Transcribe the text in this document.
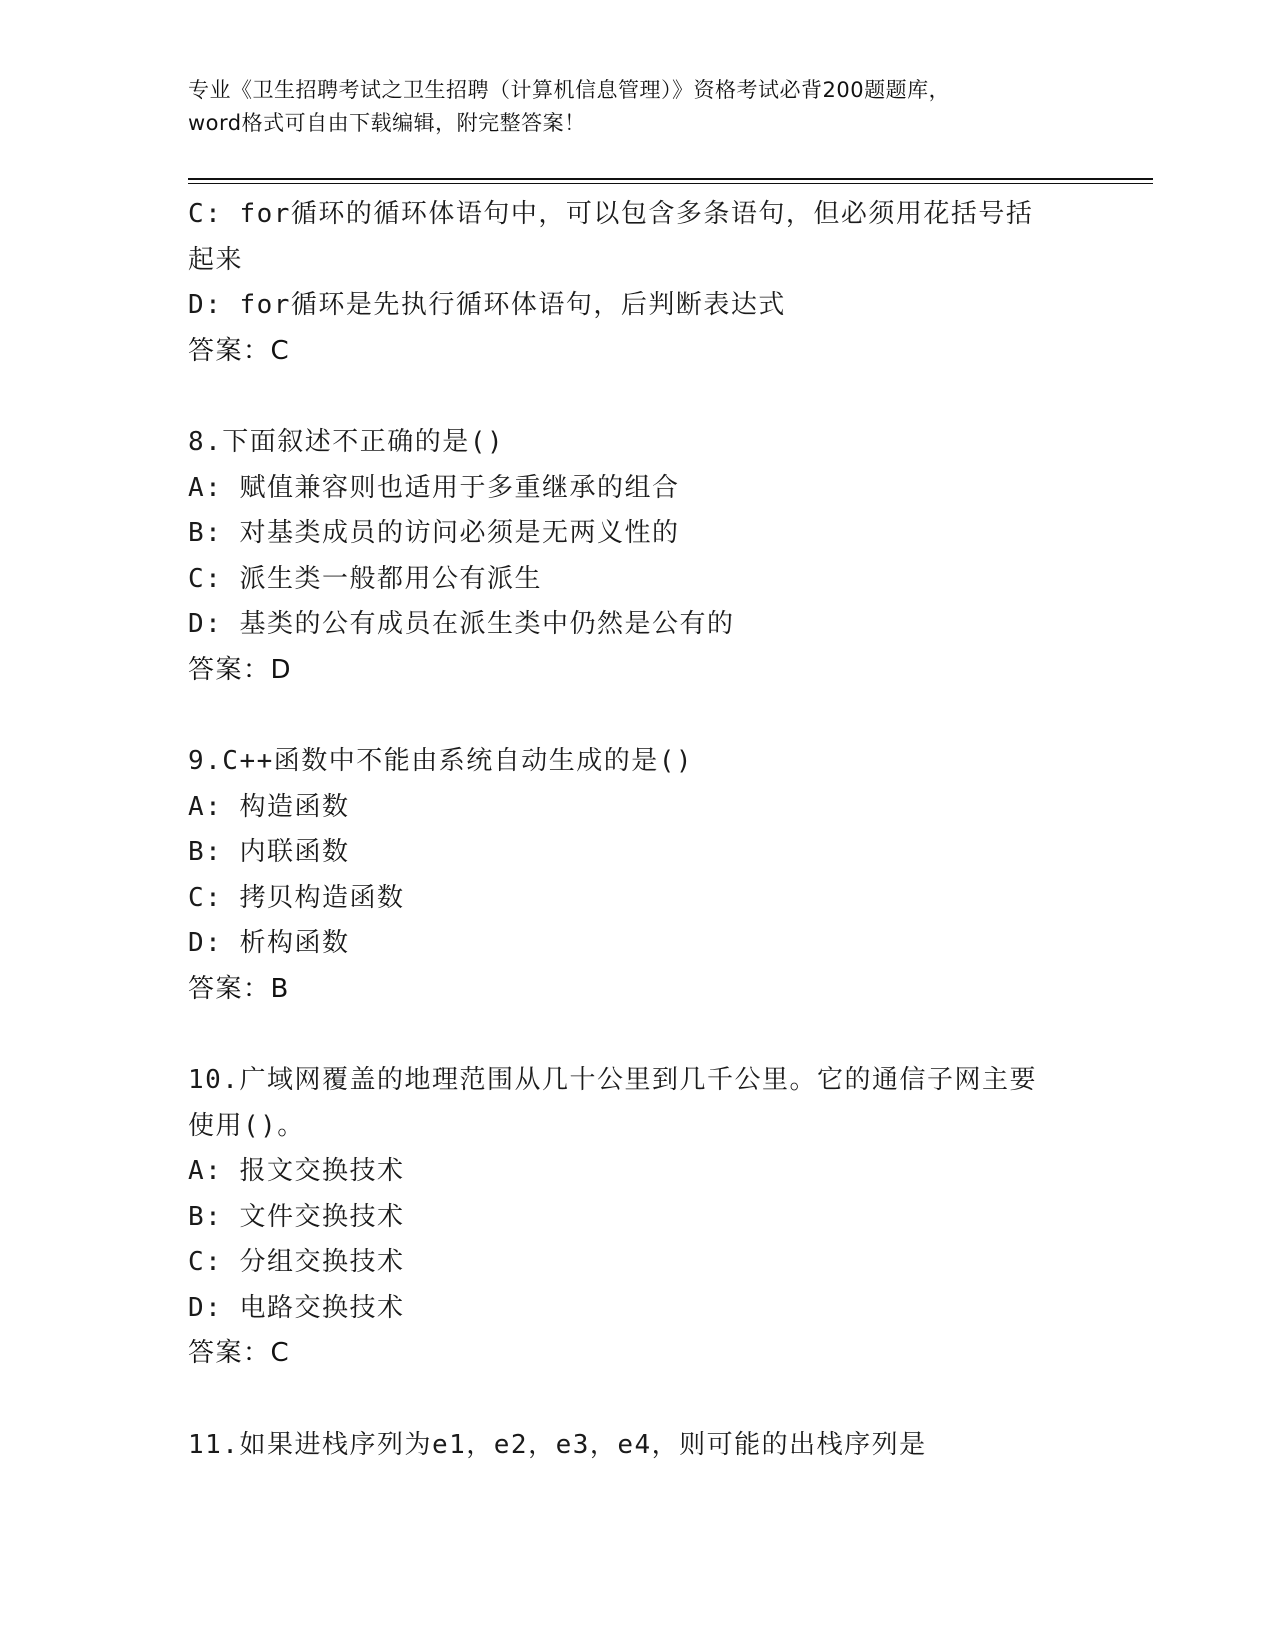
专业《卫生招聘考试之卫生招聘（计算机信息管理）》资格考试必背200题题库，
word格式可自由下载编辑，附完整答案！
C: for循环的循环体语句中，可以包含多条语句，但必须用花括号括
起来
D: for循环是先执行循环体语句，后判断表达式
答案：C
8.下面叙述不正确的是()
A: 赋值兼容则也适用于多重继承的组合
B: 对基类成员的访问必须是无两义性的
C: 派生类一般都用公有派生
D: 基类的公有成员在派生类中仍然是公有的
答案：D
9.C++函数中不能由系统自动生成的是()
A: 构造函数
B: 内联函数
C: 拷贝构造函数
D: 析构函数
答案：B
10.广域网覆盖的地理范围从几十公里到几千公里。它的通信子网主要
使用()。
A: 报文交换技术
B: 文件交换技术
C: 分组交换技术
D: 电路交换技术
答案：C
11.如果进栈序列为e1，e2，e3，e4，则可能的出栈序列是
